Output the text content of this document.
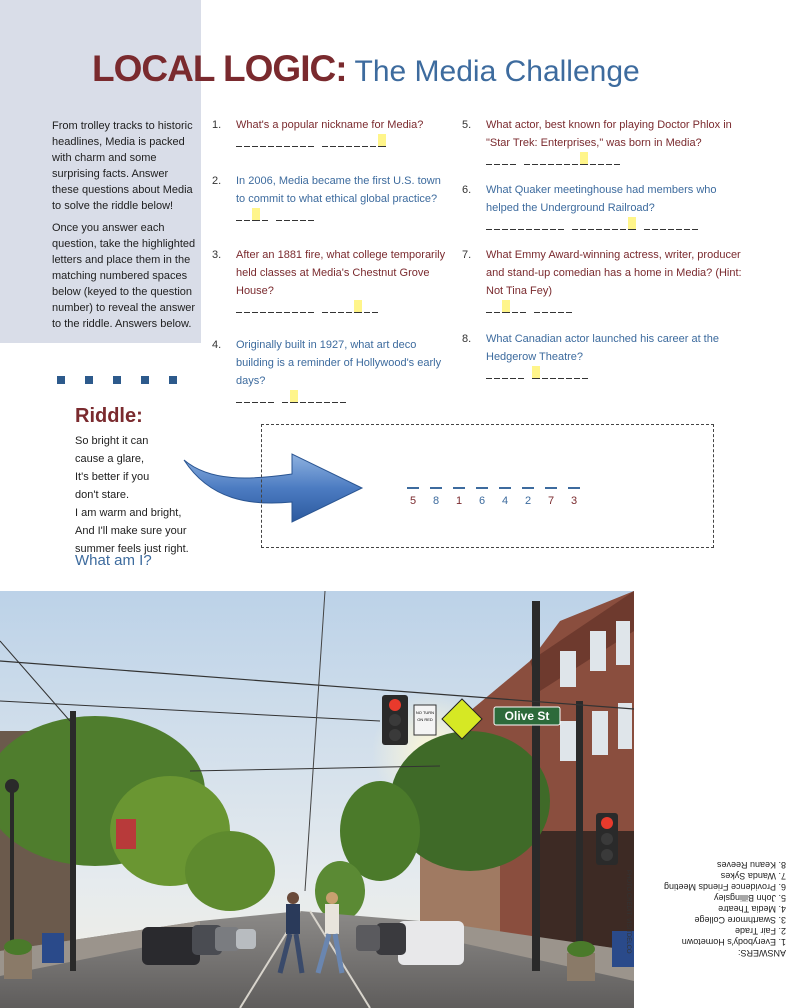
LOCAL LOGIC: The Media Challenge

From trolley tracks to historic headlines, Media is packed with charm and some surprising facts. Answer these questions about Media to solve the riddle below!

Once you answer each question, take the highlighted letters and place them in the matching numbered spaces below (keyed to the question number) to reveal the answer to the riddle. Answers below.

1. What's a popular nickname for Media?
2. In 2006, Media became the first U.S. town to commit to what ethical global practice?
3. After an 1881 fire, what college temporarily held classes at Media's Chestnut Grove House?
4. Originally built in 1927, what art deco building is a reminder of Hollywood's early days?
5. What actor, best known for playing Doctor Phlox in "Star Trek: Enterprises," was born in Media?
6. What Quaker meetinghouse had members who helped the Underground Railroad?
7. What Emmy Award-winning actress, writer, producer and stand-up comedian has a home in Media? (Hint: Not Tina Fey)
8. What Canadian actor launched his career at the Hedgerow Theatre?
Riddle:
So bright it can
cause a glare,
It's better if you
don't stare.
I am warm and bright,
And I'll make sure your
summer feels just right.
What am I?
5 8 1 6 4 2 7 3
NO TURN
ON RED	Olive St
PHOTO CREDIT: VISITDELCO	ANSWERS:
1. Everybody's Hometown
2. Fair Trade
3. Swarthmore College
4. Media Theatre
5. John Billingsley
6. Providence Friends Meeting
7. Wanda Sykes
8. Keanu Reeves
